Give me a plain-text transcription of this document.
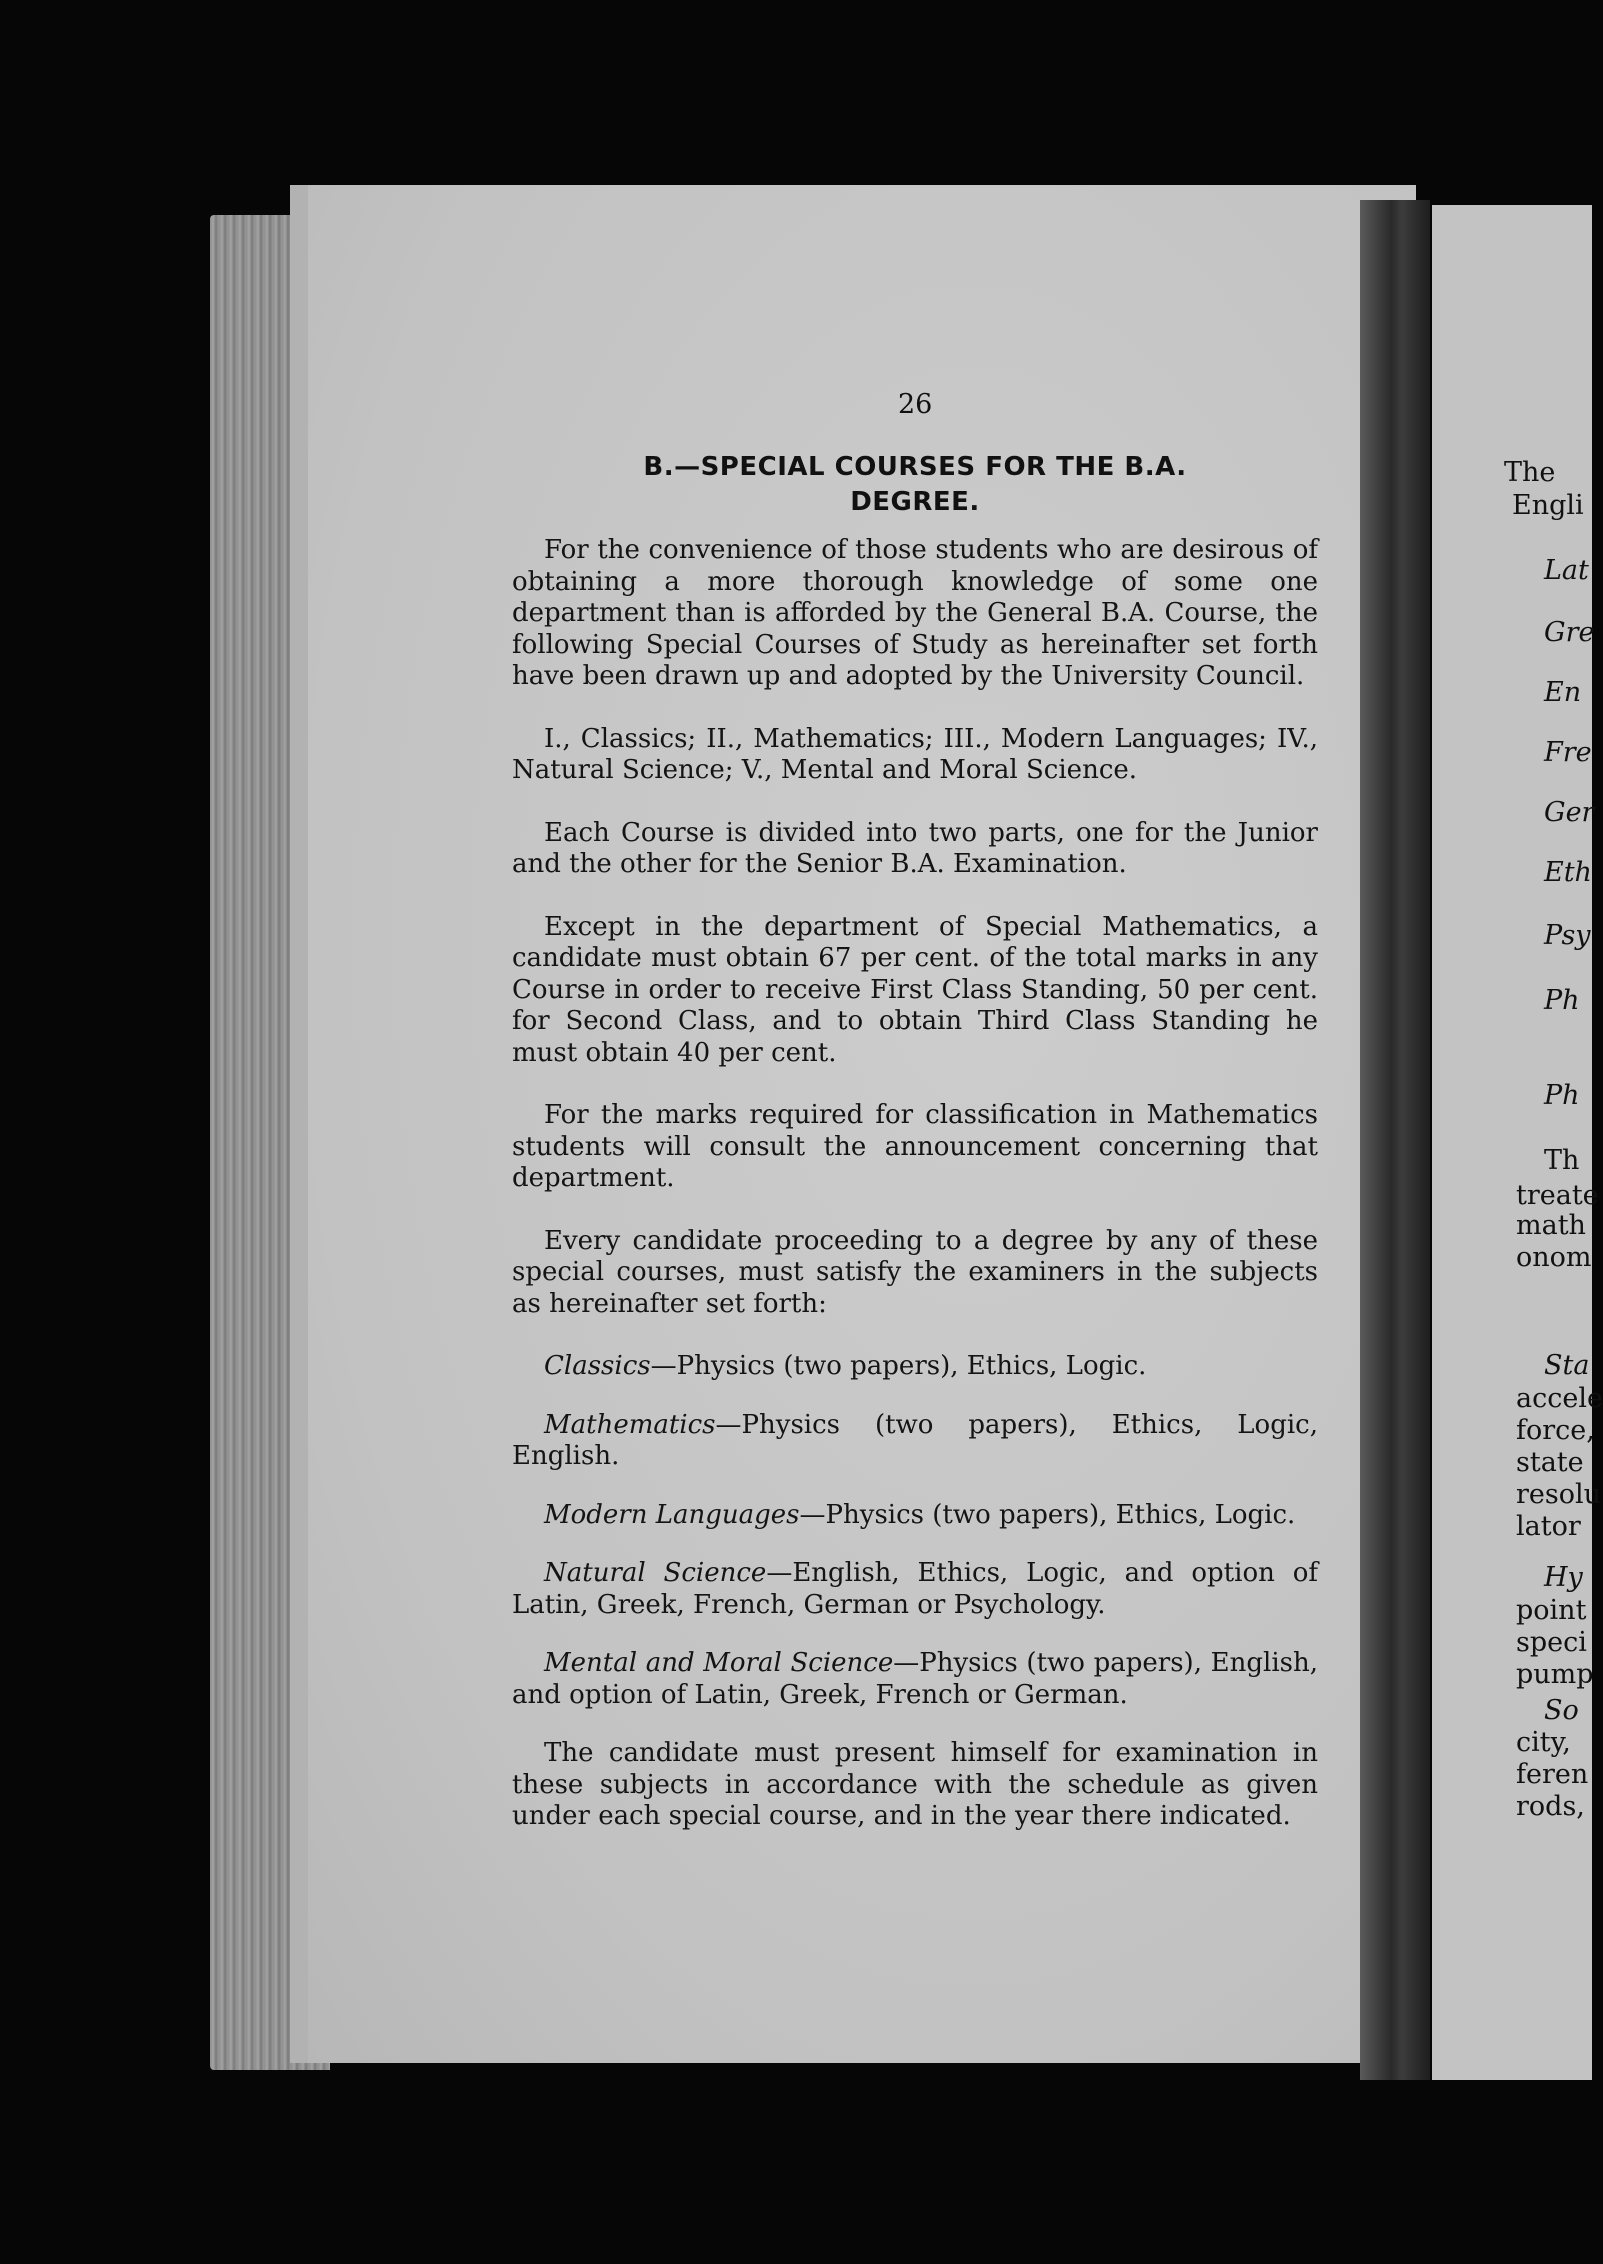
The
Engli
Lat
Gre
En
Fre
Ger
Eth
Psy
Ph
Ph
Th
treate
math
onom
Sta
accele
force,
state
resolu
lator
Hy
point
speci
pump
So
city,
feren
rods,
26
B.—SPECIAL COURSES FOR THE B.A.
DEGREE.

For the convenience of those students who are desirous of obtaining a more thorough knowledge of some one department than is afforded by the General B.A. Course, the following Special Courses of Study as hereinafter set forth have been drawn up and adopted by the University Council.

I., Classics; II., Mathematics; III., Modern Languages; IV., Natural Science; V., Mental and Moral Science.

Each Course is divided into two parts, one for the Junior and the other for the Senior B.A. Examination.

Except in the department of Special Mathematics, a candidate must obtain 67 per cent. of the total marks in any Course in order to receive First Class Standing, 50 per cent. for Second Class, and to obtain Third Class Standing he must obtain 40 per cent.

For the marks required for classification in Mathematics students will consult the announcement concerning that department.

Every candidate proceeding to a degree by any of these special courses, must satisfy the examiners in the subjects as hereinafter set forth:

Classics—Physics (two papers), Ethics, Logic.

Mathematics—Physics (two papers), Ethics, Logic, English.

Modern Languages—Physics (two papers), Ethics, Logic.

Natural Science—English, Ethics, Logic, and option of Latin, Greek, French, German or Psychology.

Mental and Moral Science—Physics (two papers), English, and option of Latin, Greek, French or German.

The candidate must present himself for examination in these subjects in accordance with the schedule as given under each special course, and in the year there indicated.
